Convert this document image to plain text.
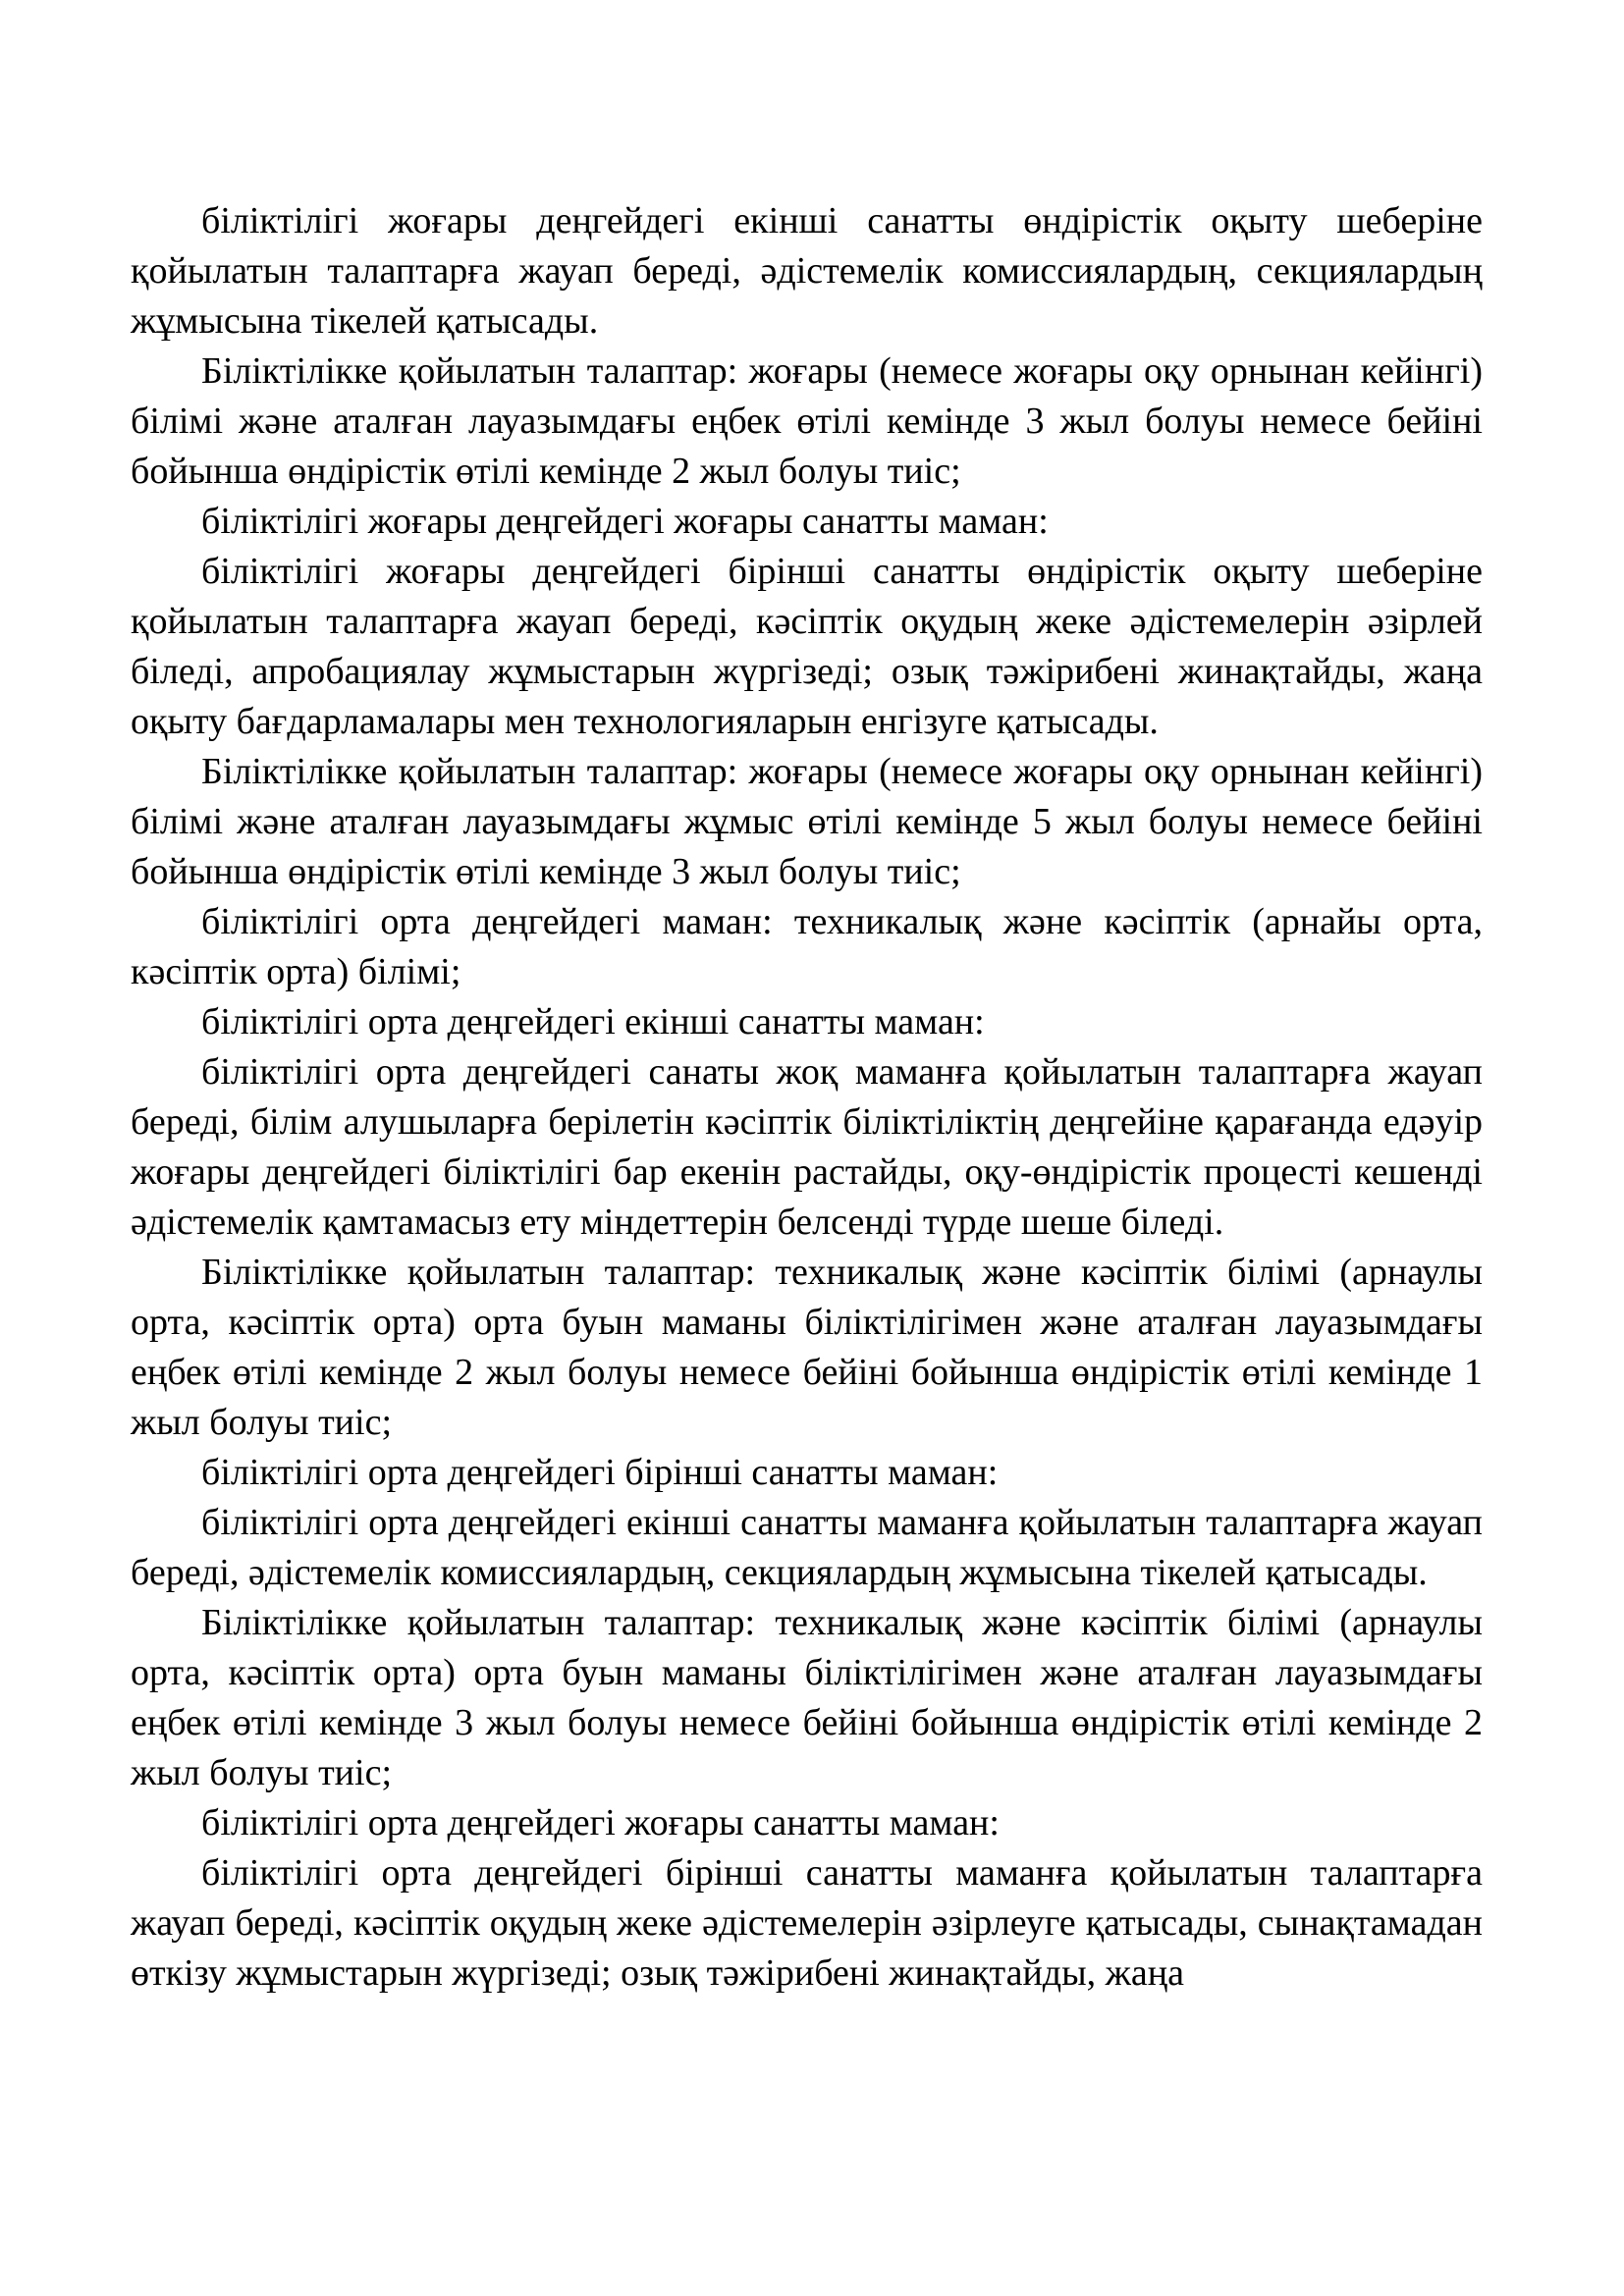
біліктілігі жоғары деңгейдегі екінші санатты өндірістік оқыту шеберіне қойылатын талаптарға жауап береді, әдістемелік комиссиялардың, секциялардың жұмысына тікелей қатысады.

Біліктілікке қойылатын талаптар: жоғары (немесе жоғары оқу орнынан кейінгі) білімі және аталған лауазымдағы еңбек өтілі кемінде 3 жыл болуы немесе бейіні бойынша өндірістік өтілі кемінде 2 жыл болуы тиіс;

біліктілігі жоғары деңгейдегі жоғары санатты маман:

біліктілігі жоғары деңгейдегі бірінші санатты өндірістік оқыту шеберіне қойылатын талаптарға жауап береді, кәсіптік оқудың жеке әдістемелерін әзірлей біледі, апробациялау жұмыстарын жүргізеді; озық тәжірибені жинақтайды, жаңа оқыту бағдарламалары мен технологияларын енгізуге қатысады.

Біліктілікке қойылатын талаптар: жоғары (немесе жоғары оқу орнынан кейінгі) білімі және аталған лауазымдағы жұмыс өтілі кемінде 5 жыл болуы немесе бейіні бойынша өндірістік өтілі кемінде 3 жыл болуы тиіс;

біліктілігі орта деңгейдегі маман: техникалық және кәсіптік (арнайы орта, кәсіптік орта) білімі;

біліктілігі орта деңгейдегі екінші санатты маман:

біліктілігі орта деңгейдегі санаты жоқ маманға қойылатын талаптарға жауап береді, білім алушыларға берілетін кәсіптік біліктіліктің деңгейіне қарағанда едәуір жоғары деңгейдегі біліктілігі бар екенін растайды, оқу-өндірістік процесті кешенді әдістемелік қамтамасыз ету міндеттерін белсенді түрде шеше біледі.

Біліктілікке қойылатын талаптар: техникалық және кәсіптік білімі (арнаулы орта, кәсіптік орта) орта буын маманы біліктілігімен және аталған лауазымдағы еңбек өтілі кемінде 2 жыл болуы немесе бейіні бойынша өндірістік өтілі кемінде 1 жыл болуы тиіс;

біліктілігі орта деңгейдегі бірінші санатты маман:

біліктілігі орта деңгейдегі екінші санатты маманға қойылатын талаптарға жауап береді, әдістемелік комиссиялардың, секциялардың жұмысына тікелей қатысады.

Біліктілікке қойылатын талаптар: техникалық және кәсіптік білімі (арнаулы орта, кәсіптік орта) орта буын маманы біліктілігімен және аталған лауазымдағы еңбек өтілі кемінде 3 жыл болуы немесе бейіні бойынша өндірістік өтілі кемінде 2 жыл болуы тиіс;

біліктілігі орта деңгейдегі жоғары санатты маман:

біліктілігі орта деңгейдегі бірінші санатты маманға қойылатын талаптарға жауап береді, кәсіптік оқудың жеке әдістемелерін әзірлеуге қатысады, сынақтамадан өткізу жұмыстарын жүргізеді; озық тәжірибені жинақтайды, жаңа
